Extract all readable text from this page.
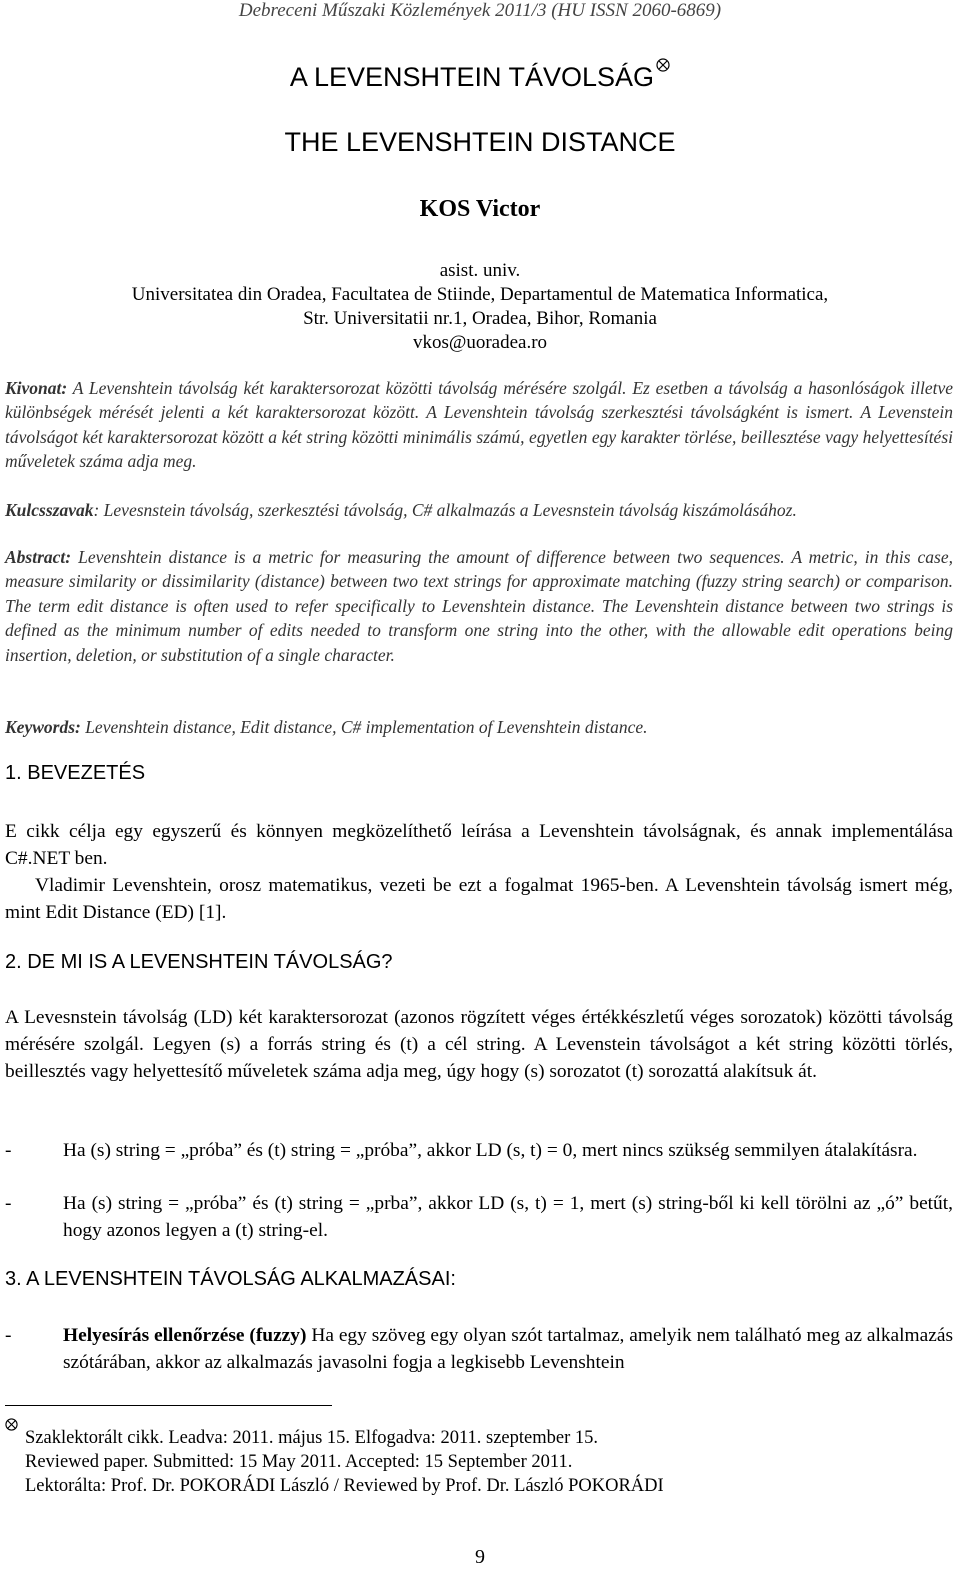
Debreceni Műszaki Közlemények 2011/3 (HU ISSN 2060-6869)
A LEVENSHTEIN TÁVOLSÁG
THE LEVENSHTEIN DISTANCE
KOS Victor
asist. univ.
Universitatea din Oradea, Facultatea de Stiinde, Departamentul de Matematica Informatica,
Str. Universitatii nr.1, Oradea, Bihor, Romania
vkos@uoradea.ro
Kivonat: A Levenshtein távolság két karaktersorozat közötti távolság mérésére szolgál. Ez esetben a távolság a hasonlóságok illetve különbségek mérését jelenti a két karaktersorozat között. A Levenshtein távolság szerkesztési távolságként is ismert. A Levenstein távolságot két karaktersorozat között a két string közötti minimális számú, egyetlen egy karakter törlése, beillesztése vagy helyettesítési műveletek száma adja meg.
Kulcsszavak: Levesnstein távolság, szerkesztési távolság, C# alkalmazás a Levesnstein távolság kiszámolásához.
Abstract: Levenshtein distance is a metric for measuring the amount of difference between two sequences. A metric, in this case, measure similarity or dissimilarity (distance) between two text strings for approximate matching (fuzzy string search) or comparison. The term edit distance is often used to refer specifically to Levenshtein distance. The Levenshtein distance between two strings is defined as the minimum number of edits needed to transform one string into the other, with the allowable edit operations being insertion, deletion, or substitution of a single character.
Keywords: Levenshtein distance, Edit distance, C# implementation of Levenshtein distance.
1. BEVEZETÉS
E cikk célja egy egyszerű és könnyen megközelíthető leírása a Levenshtein távolságnak, és annak implementálása C#.NET ben.
Vladimir Levenshtein, orosz matematikus, vezeti be ezt a fogalmat 1965-ben. A Levenshtein távolság ismert még, mint Edit Distance (ED) [1].
2. DE MI IS A LEVENSHTEIN TÁVOLSÁG?
A Levesnstein távolság (LD) két karaktersorozat (azonos rögzített véges értékkészletű véges sorozatok) közötti távolság mérésére szolgál. Legyen (s) a forrás string és (t) a cél string. A Levenstein távolságot a két string közötti törlés, beillesztés vagy helyettesítő műveletek száma adja meg, úgy hogy (s) sorozatot (t) sorozattá alakítsuk át.
-	Ha (s) string = „próba” és (t) string = „próba”, akkor LD (s, t) = 0, mert nincs szükség semmilyen átalakításra.
-	Ha (s) string = „próba” és (t) string = „prba”, akkor LD (s, t) = 1, mert (s) string-ből ki kell törölni az „ó” betűt, hogy azonos legyen a (t) string-el.
3. A LEVENSHTEIN TÁVOLSÁG ALKALMAZÁSAI:
-	Helyesírás ellenőrzése (fuzzy) Ha egy szöveg egy olyan szót tartalmaz, amelyik nem található meg az alkalmazás szótárában, akkor az alkalmazás javasolni fogja a legkisebb Levenshtein
Szaklektorált cikk. Leadva: 2011. május 15. Elfogadva: 2011. szeptember 15.
Reviewed paper. Submitted: 15 May 2011. Accepted: 15 September 2011.
Lektorálta: Prof. Dr. POKORÁDI László / Reviewed by Prof. Dr. László POKORÁDI
9
